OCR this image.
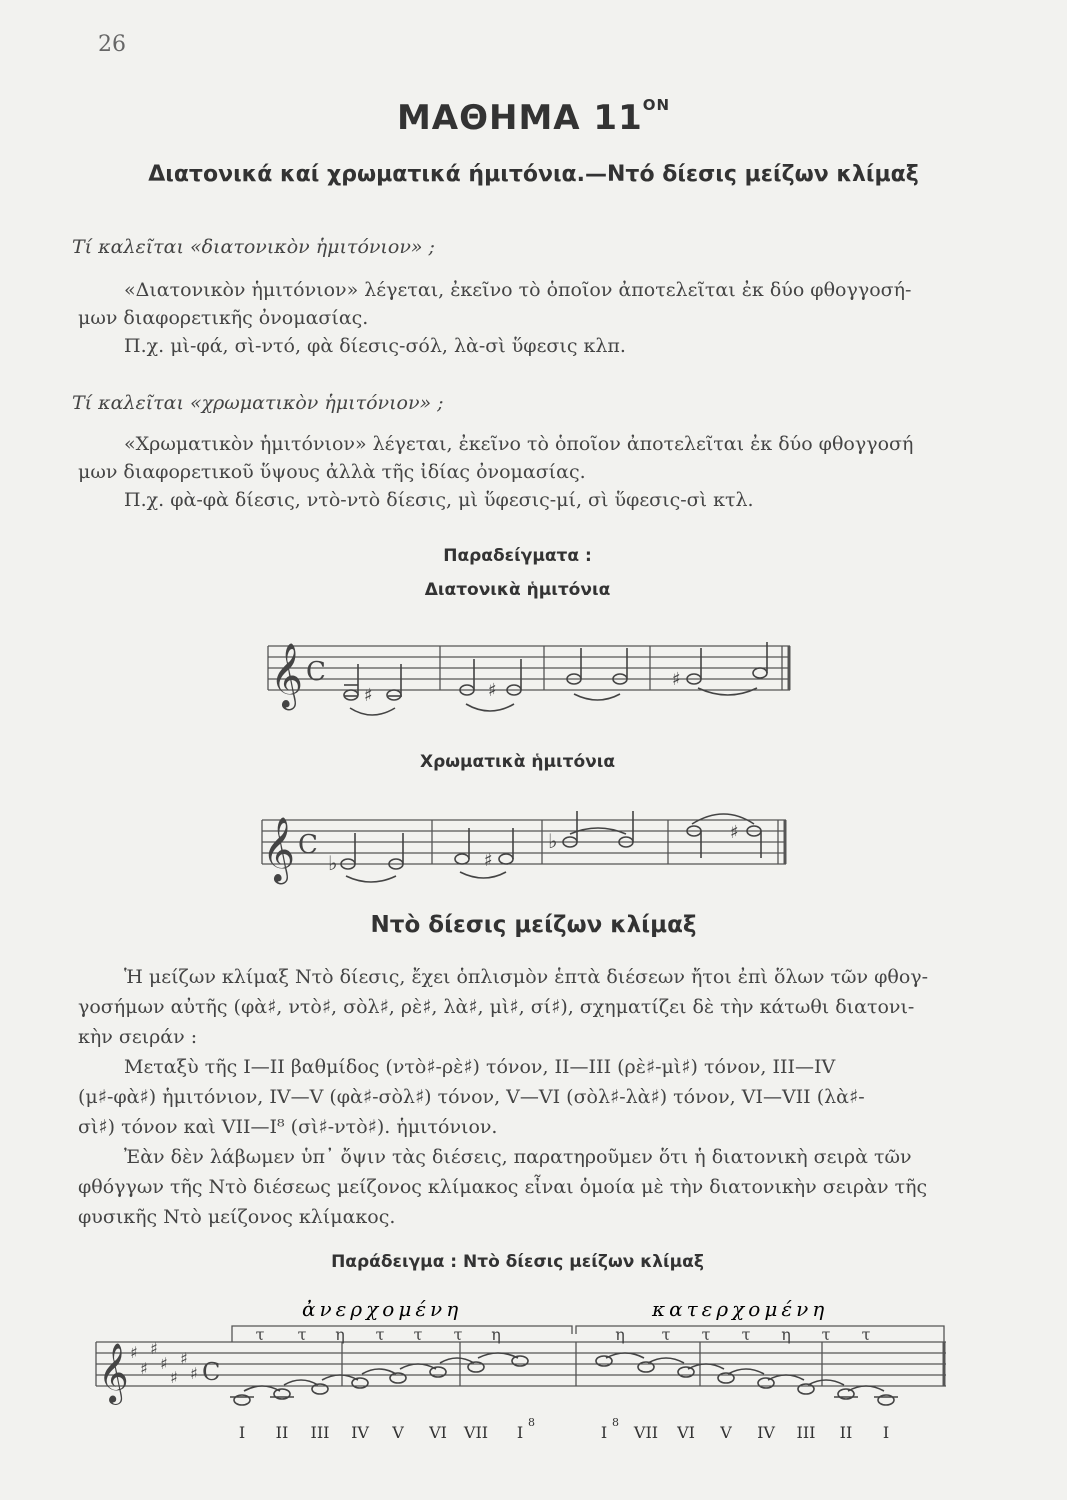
26
ΜΑΘΗΜΑ $11^{ON}$
Διατονικά καί χρωματικά ήμιτόνια.—Ντό δίεσις μείζων κλίμαξ
Τί καλεῖται «διατονικὸν ἡμιτόνιον» ;
«Διατονικὸν ἡμιτόνιον» λέγεται, ἐκεῖνο τὸ ὁποῖον ἀποτελεῖται ἐκ δύο φθογγοσή-
μων διαφορετικῆς ὀνομασίας.
Π.χ. μὶ-φά, σὶ-ντό, φὰ δίεσις-σόλ, λὰ-σὶ ὕφεσις κλπ.
Τί καλεῖται «χρωματικὸν ἡμιτόνιον» ;
«Χρωματικὸν ἡμιτόνιον» λέγεται, ἐκεῖνο τὸ ὁποῖον ἀποτελεῖται ἐκ δύο φθογγοσή
μων διαφορετικοῦ ὕψους ἀλλὰ τῆς ἰδίας ὀνομασίας.
Π.χ. φὰ-φὰ δίεσις, ντὸ-ντὸ δίεσις, μὶ ὕφεσις-μί, σὶ ὕφεσις-σὶ κτλ.
Παραδείγματα :
Διατονικὰ ἡμιτόνια
𝄞 C
♯	♯
♯
Χρωματικὰ ἡμιτόνια
𝄞 C
♭	♯
♭	♯
Ντὸ δίεσις μείζων κλίμαξ
Ἡ μείζων κλίμαξ Ντὸ δίεσις, ἔχει ὁπλισμὸν ἑπτὰ διέσεων ἤτοι ἐπὶ ὅλων τῶν φθογ-
γοσήμων αὐτῆς (φὰ♯, ντὸ♯, σὸλ♯, ρὲ♯, λὰ♯, μὶ♯, σί♯), σχηματίζει δὲ τὴν κάτωθι διατονι-
κὴν σειράν :
Μεταξὺ τῆς I—II βαθμίδος (ντὸ♯-ρὲ♯) τόνον, II—III (ρὲ♯-μὶ♯) τόνον, III—IV
(μ♯-φὰ♯) ἡμιτόνιον, IV—V (φὰ♯-σὸλ♯) τόνον, V—VI (σὸλ♯-λὰ♯) τόνον, VI—VII (λὰ♯-
σὶ♯) τόνον καὶ VII—I⁸ (σὶ♯-ντὸ♯). ἡμιτόνιον.
Ἐὰν δὲν λάβωμεν ὑπ᾽ ὄψιν τὰς διέσεις, παρατηροῦμεν ὅτι ἡ διατονικὴ σειρὰ τῶν
φθόγγων τῆς Ντὸ διέσεως μείζονος κλίμακος εἶναι ὁμοία μὲ τὴν διατονικὴν σειρὰν τῆς
φυσικῆς Ντὸ μείζονος κλίμακος.
Παράδειγμα : Ντὸ δίεσις μείζων κλίμαξ
ἀνερχομένη	κατερχομένη
𝄞 ♯
♯
♯
♯
♯
♯
♯ C
τ τ η τ τ τ η	η τ τ τ η τ τ
I II III IV V VI VII I
8
I
8
VII VI V IV III II I
